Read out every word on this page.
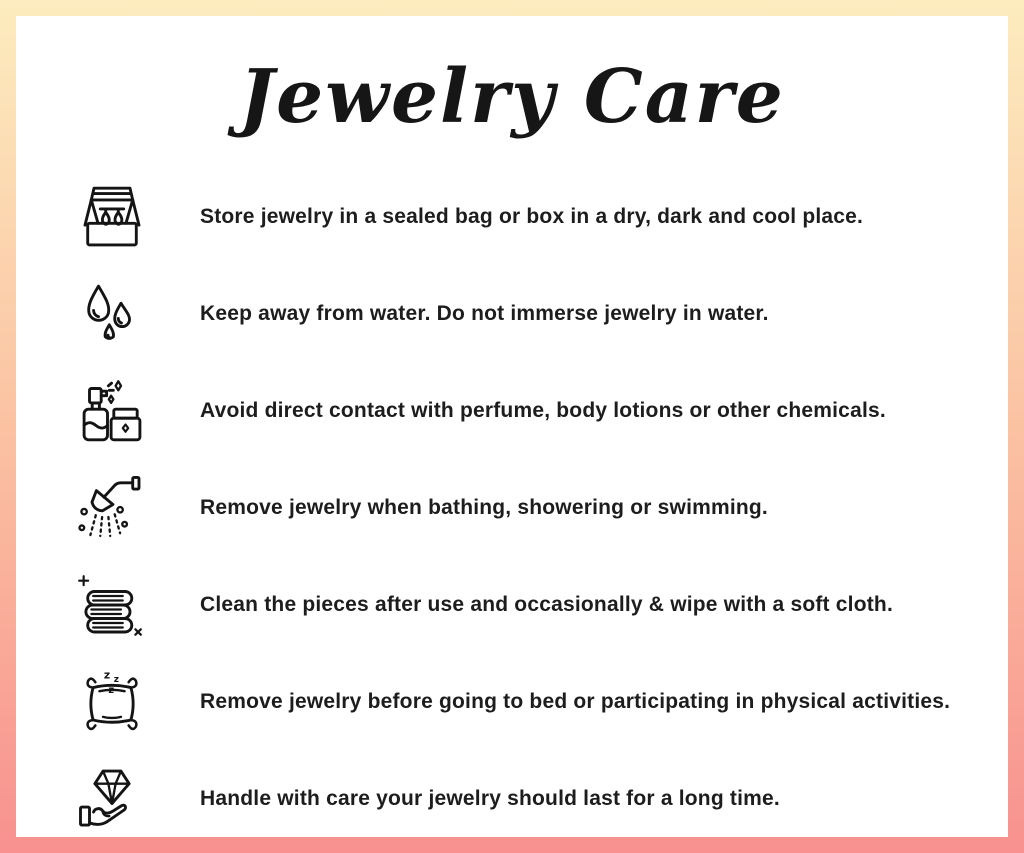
Jewelry Care

Store jewelry in a sealed bag or box in a dry, dark and cool place.

Keep away from water. Do not immerse jewelry in water.

Avoid direct contact with perfume, body lotions or other chemicals.

Remove jewelry when bathing, showering or swimming.

Clean the pieces after use and occasionally & wipe with a soft cloth.

z z
z	Remove jewelry before going to bed or participating in physical activities.

Handle with care your jewelry should last for a long time.
